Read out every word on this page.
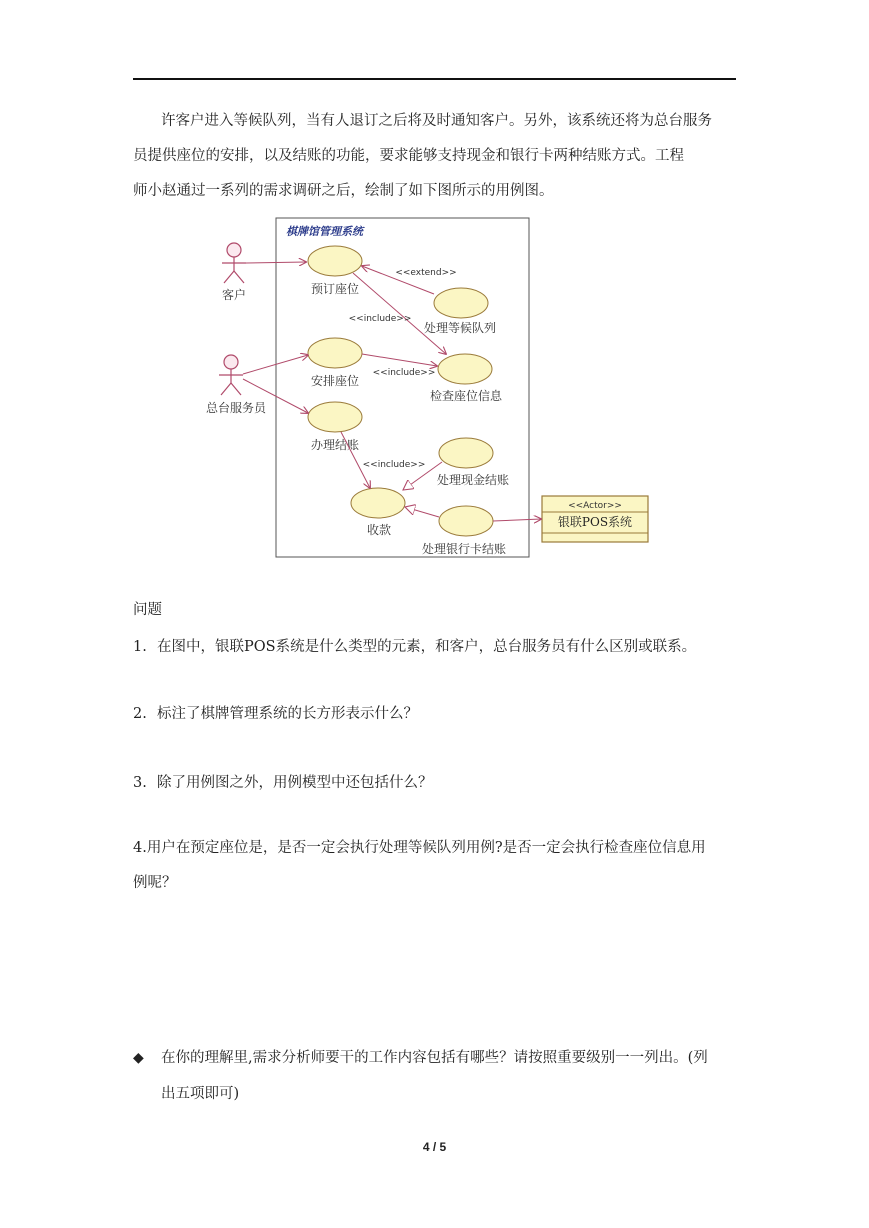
许客户进入等候队列，当有人退订之后将及时通知客户。另外，该系统还将为总台服务

员提供座位的安排，以及结账的功能，要求能够支持现金和银行卡两种结账方式。工程

师小赵通过一系列的需求调研之后，绘制了如下图所示的用例图。

棋牌馆管理系统
客户
总台服务员
预订座位
处理等候队列
安排座位
检查座位信息
办理结账
处理现金结账
收款
处理银行卡结账
<<Actor>>
银联POS系统
<<extend>>
<<include>>
<<include>>
<<include>>
问题
1. 在图中，银联POS系统是什么类型的元素，和客户，总台服务员有什么区别或联系。
2. 标注了棋牌管理系统的长方形表示什么？
3. 除了用例图之外，用例模型中还包括什么？
4.用户在预定座位是，是否一定会执行处理等候队列用例?是否一定会执行检查座位信息用
例呢？
◆ 在你的理解里,需求分析师要干的工作内容包括有哪些？请按照重要级别一一列出。(列
出五项即可)
4 / 5
